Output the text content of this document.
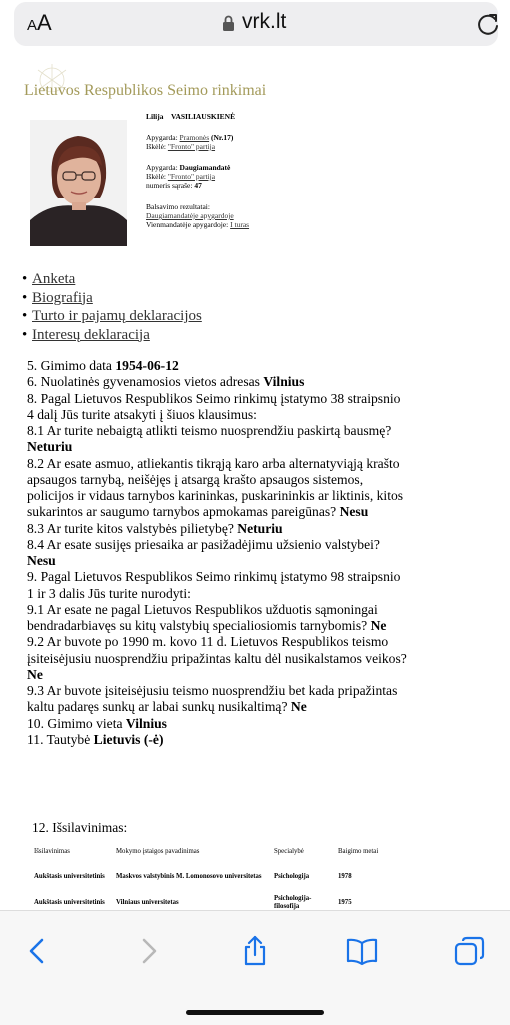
AA	vrk.lt
Lietuvos Respublikos Seimo rinkimai
Lilija VASILIAUSKIENĖ
Apygarda: Pramonės (Nr.17)
Iškėlė: "Fronto" partija
Apygarda: Daugiamandatė
Iškėlė: "Fronto" partija
numeris sąraše: 47
Balsavimo rezultatai:
Daugiamandatėje apygardoje
Vienmandatėje apygardoje: I turas
• Anketa
• Biografija
• Turto ir pajamų deklaracijos
• Interesų deklaracija
5. Gimimo data 1954-06-12
6. Nuolatinės gyvenamosios vietos adresas Vilnius
8. Pagal Lietuvos Respublikos Seimo rinkimų įstatymo 38 straipsnio 4 dalį Jūs turite atsakyti į šiuos klausimus:
8.1 Ar turite nebaigtą atlikti teismo nuosprendžiu paskirtą bausmę? Neturiu
8.2 Ar esate asmuo, atliekantis tikrąją karo arba alternatyviąją krašto apsaugos tarnybą, neišėjęs į atsargą krašto apsaugos sistemos, policijos ir vidaus tarnybos karininkas, puskarininkis ar liktinis, kitos sukarintos ar saugumo tarnybos apmokamas pareigūnas? Nesu
8.3 Ar turite kitos valstybės pilietybę? Neturiu
8.4 Ar esate susijęs priesaika ar pasižadėjimu užsienio valstybei? Nesu
9. Pagal Lietuvos Respublikos Seimo rinkimų įstatymo 98 straipsnio 1 ir 3 dalis Jūs turite nurodyti:
9.1 Ar esate ne pagal Lietuvos Respublikos užduotis sąmoningai bendradarbiavęs su kitų valstybių specialiosiomis tarnybomis? Ne
9.2 Ar buvote po 1990 m. kovo 11 d. Lietuvos Respublikos teismo įsiteisėjusiu nuosprendžiu pripažintas kaltu dėl nusikalstamos veikos? Ne
9.3 Ar buvote įsiteisėjusiu teismo nuosprendžiu bet kada pripažintas kaltu padaręs sunkų ar labai sunkų nusikaltimą? Ne
10. Gimimo vieta Vilnius
11. Tautybė Lietuvis (-ė)
12. Išsilavinimas:
Išsilavinimas	Mokymo įstaigos pavadinimas	Specialybė	Baigimo metai
Aukštasis universitetinis	Maskvos valstybinis M. Lomonosovo universitetas	Psichologija	1978
Aukštasis universitetinis	Vilniaus universitetas	Psichologija-filosofija	1975
